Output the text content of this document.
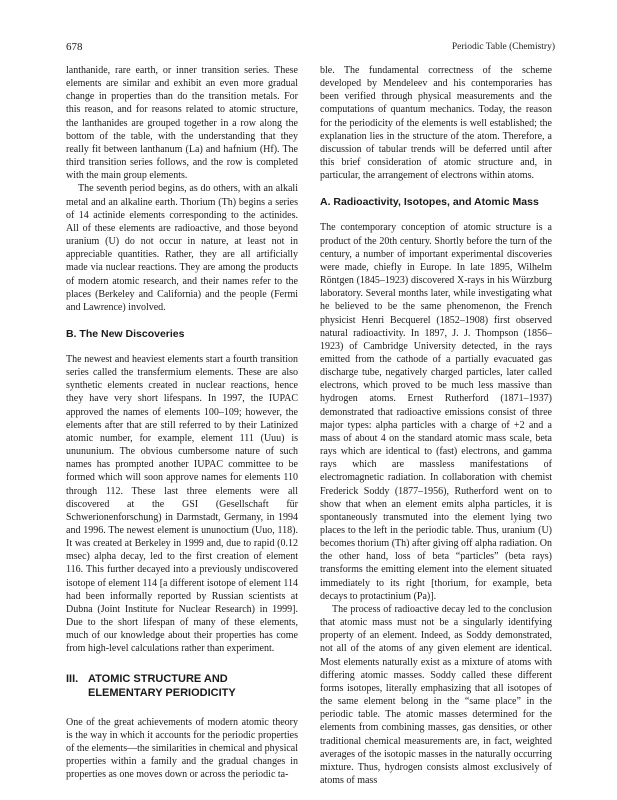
678	Periodic Table (Chemistry)

lanthanide, rare earth, or inner transition series. These elements are similar and exhibit an even more gradual change in properties than do the transition metals. For this reason, and for reasons related to atomic structure, the lanthanides are grouped together in a row along the bottom of the table, with the understanding that they really fit between lanthanum (La) and hafnium (Hf). The third transition series follows, and the row is completed with the main group elements.

The seventh period begins, as do others, with an alkali metal and an alkaline earth. Thorium (Th) begins a series of 14 actinide elements corresponding to the actinides. All of these elements are radioactive, and those beyond uranium (U) do not occur in nature, at least not in appreciable quantities. Rather, they are all artificially made via nuclear reactions. They are among the products of modern atomic research, and their names refer to the places (Berkeley and California) and the people (Fermi and Lawrence) involved.

B. The New Discoveries

The newest and heaviest elements start a fourth transition series called the transfermium elements. These are also synthetic elements created in nuclear reactions, hence they have very short lifespans. In 1997, the IUPAC approved the names of elements 100–109; however, the elements after that are still referred to by their Latinized atomic number, for example, element 111 (Uuu) is unununium. The obvious cumbersome nature of such names has prompted another IUPAC committee to be formed which will soon approve names for elements 110 through 112. These last three elements were all discovered at the GSI (Gesellschaft für Schwerionenforschung) in Darmstadt, Germany, in 1994 and 1996. The newest element is ununoctium (Uuo, 118). It was created at Berkeley in 1999 and, due to rapid (0.12 msec) alpha decay, led to the first creation of element 116. This further decayed into a previously undiscovered isotope of element 114 [a different isotope of element 114 had been informally reported by Russian scientists at Dubna (Joint Institute for Nuclear Research) in 1999]. Due to the short lifespan of many of these elements, much of our knowledge about their properties has come from high-level calculations rather than experiment.

III. ATOMIC STRUCTURE AND ELEMENTARY PERIODICITY

One of the great achievements of modern atomic theory is the way in which it accounts for the periodic properties of the elements—the similarities in chemical and physical properties within a family and the gradual changes in properties as one moves down or across the periodic ta-

ble. The fundamental correctness of the scheme developed by Mendeleev and his contemporaries has been verified through physical measurements and the computations of quantum mechanics. Today, the reason for the periodicity of the elements is well established; the explanation lies in the structure of the atom. Therefore, a discussion of tabular trends will be deferred until after this brief consideration of atomic structure and, in particular, the arrangement of electrons within atoms.

A. Radioactivity, Isotopes, and Atomic Mass

The contemporary conception of atomic structure is a product of the 20th century. Shortly before the turn of the century, a number of important experimental discoveries were made, chiefly in Europe. In late 1895, Wilhelm Röntgen (1845–1923) discovered X-rays in his Würzburg laboratory. Several months later, while investigating what he believed to be the same phenomenon, the French physicist Henri Becquerel (1852–1908) first observed natural radioactivity. In 1897, J. J. Thompson (1856–1923) of Cambridge University detected, in the rays emitted from the cathode of a partially evacuated gas discharge tube, negatively charged particles, later called electrons, which proved to be much less massive than hydrogen atoms. Ernest Rutherford (1871–1937) demonstrated that radioactive emissions consist of three major types: alpha particles with a charge of +2 and a mass of about 4 on the standard atomic mass scale, beta rays which are identical to (fast) electrons, and gamma rays which are massless manifestations of electromagnetic radiation. In collaboration with chemist Frederick Soddy (1877–1956), Rutherford went on to show that when an element emits alpha particles, it is spontaneously transmuted into the element lying two places to the left in the periodic table. Thus, uranium (U) becomes thorium (Th) after giving off alpha radiation. On the other hand, loss of beta “particles” (beta rays) transforms the emitting element into the element situated immediately to its right [thorium, for example, beta decays to protactinium (Pa)].

The process of radioactive decay led to the conclusion that atomic mass must not be a singularly identifying property of an element. Indeed, as Soddy demonstrated, not all of the atoms of any given element are identical. Most elements naturally exist as a mixture of atoms with differing atomic masses. Soddy called these different forms isotopes, literally emphasizing that all isotopes of the same element belong in the “same place” in the periodic table. The atomic masses determined for the elements from combining masses, gas densities, or other traditional chemical measurements are, in fact, weighted averages of the isotopic masses in the naturally occurring mixture. Thus, hydrogen consists almost exclusively of atoms of mass
